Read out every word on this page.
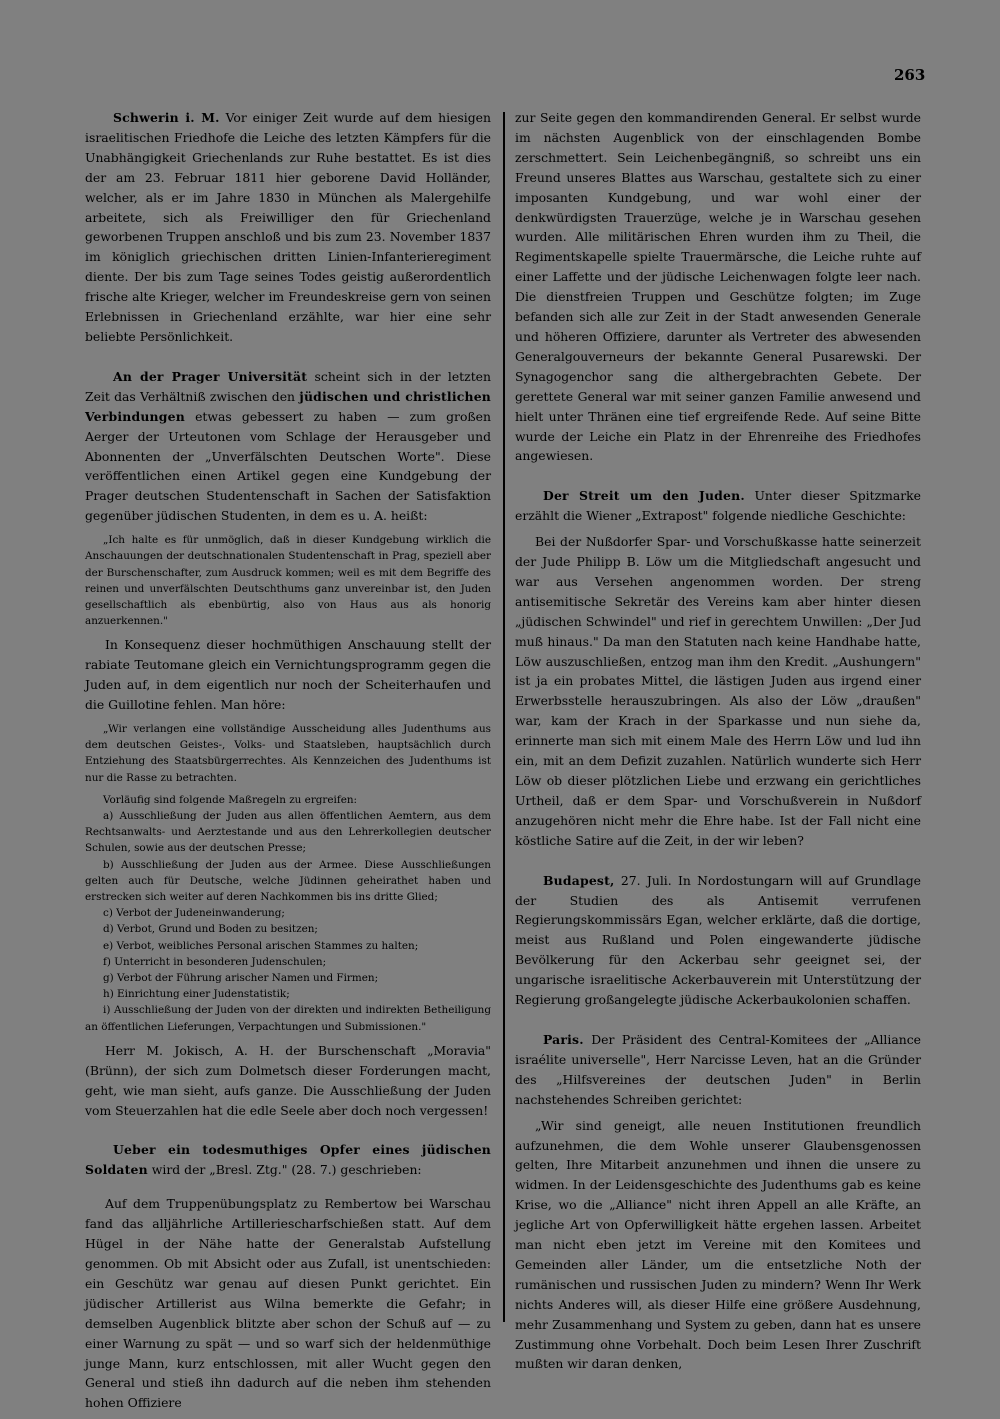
263

Schwerin i. M. Vor einiger Zeit wurde auf dem hiesigen israelitischen Friedhofe die Leiche des letzten Kämpfers für die Unabhängigkeit Griechenlands zur Ruhe bestattet. Es ist dies der am 23. Februar 1811 hier geborene David Holländer, welcher, als er im Jahre 1830 in München als Malergehilfe arbeitete, sich als Freiwilliger den für Griechenland geworbenen Truppen anschloß und bis zum 23. November 1837 im königlich griechischen dritten Linien-Infanterieregiment diente. Der bis zum Tage seines Todes geistig außerordentlich frische alte Krieger, welcher im Freundeskreise gern von seinen Erlebnissen in Griechenland erzählte, war hier eine sehr beliebte Persönlichkeit.

An der Prager Universität scheint sich in der letzten Zeit das Verhältniß zwischen den jüdischen und christlichen Verbindungen etwas gebessert zu haben — zum großen Aerger der Urteutonen vom Schlage der Herausgeber und Abonnenten der „Unverfälschten Deutschen Worte". Diese veröffentlichen einen Artikel gegen eine Kundgebung der Prager deutschen Studentenschaft in Sachen der Satisfaktion gegenüber jüdischen Studenten, in dem es u. A. heißt:

„Ich halte es für unmöglich, daß in dieser Kundgebung wirklich die Anschauungen der deutschnationalen Studentenschaft in Prag, speziell aber der Burschenschafter, zum Ausdruck kommen; weil es mit dem Begriffe des reinen und unverfälschten Deutschthums ganz unvereinbar ist, den Juden gesellschaftlich als ebenbürtig, also von Haus aus als honorig anzuerkennen."

In Konsequenz dieser hochmüthigen Anschauung stellt der rabiate Teutomane gleich ein Vernichtungsprogramm gegen die Juden auf, in dem eigentlich nur noch der Scheiterhaufen und die Guillotine fehlen. Man höre:

„Wir verlangen eine vollständige Ausscheidung alles Judenthums aus dem deutschen Geistes-, Volks- und Staatsleben, hauptsächlich durch Entziehung des Staatsbürgerrechtes. Als Kennzeichen des Judenthums ist nur die Rasse zu betrachten.
Vorläufig sind folgende Maßregeln zu ergreifen:
a) Ausschließung der Juden aus allen öffentlichen Aemtern, aus dem Rechtsanwalts- und Aerztestande und aus den Lehrerkollegien deutscher Schulen, sowie aus der deutschen Presse;
b) Ausschließung der Juden aus der Armee. Diese Ausschließungen gelten auch für Deutsche, welche Jüdinnen geheirathet haben und erstrecken sich weiter auf deren Nachkommen bis ins dritte Glied;
c) Verbot der Judeneinwanderung;
d) Verbot, Grund und Boden zu besitzen;
e) Verbot, weibliches Personal arischen Stammes zu halten;
f) Unterricht in besonderen Judenschulen;
g) Verbot der Führung arischer Namen und Firmen;
h) Einrichtung einer Judenstatistik;
i) Ausschließung der Juden von der direkten und indirekten Betheiligung an öffentlichen Lieferungen, Verpachtungen und Submissionen."

Herr M. Jokisch, A. H. der Burschenschaft „Moravia" (Brünn), der sich zum Dolmetsch dieser Forderungen macht, geht, wie man sieht, aufs ganze. Die Ausschließung der Juden vom Steuerzahlen hat die edle Seele aber doch noch vergessen!

Ueber ein todesmuthiges Opfer eines jüdischen Soldaten wird der „Bresl. Ztg." (28. 7.) geschrieben:

Auf dem Truppenübungsplatz zu Rembertow bei Warschau fand das alljährliche Artilleriescharfschießen statt. Auf dem Hügel in der Nähe hatte der Generalstab Aufstellung genommen. Ob mit Absicht oder aus Zufall, ist unentschieden: ein Geschütz war genau auf diesen Punkt gerichtet. Ein jüdischer Artillerist aus Wilna bemerkte die Gefahr; in demselben Augenblick blitzte aber schon der Schuß auf — zu einer Warnung zu spät — und so warf sich der heldenmüthige junge Mann, kurz entschlossen, mit aller Wucht gegen den General und stieß ihn dadurch auf die neben ihm stehenden hohen Offiziere

zur Seite gegen den kommandirenden General. Er selbst wurde im nächsten Augenblick von der einschlagenden Bombe zerschmettert. Sein Leichenbegängniß, so schreibt uns ein Freund unseres Blattes aus Warschau, gestaltete sich zu einer imposanten Kundgebung, und war wohl einer der denkwürdigsten Trauerzüge, welche je in Warschau gesehen wurden. Alle militärischen Ehren wurden ihm zu Theil, die Regimentskapelle spielte Trauermärsche, die Leiche ruhte auf einer Laffette und der jüdische Leichenwagen folgte leer nach. Die dienstfreien Truppen und Geschütze folgten; im Zuge befanden sich alle zur Zeit in der Stadt anwesenden Generale und höheren Offiziere, darunter als Vertreter des abwesenden Generalgouverneurs der bekannte General Pusarewski. Der Synagogenchor sang die althergebrachten Gebete. Der gerettete General war mit seiner ganzen Familie anwesend und hielt unter Thränen eine tief ergreifende Rede. Auf seine Bitte wurde der Leiche ein Platz in der Ehrenreihe des Friedhofes angewiesen.

Der Streit um den Juden. Unter dieser Spitzmarke erzählt die Wiener „Extrapost" folgende niedliche Geschichte:

Bei der Nußdorfer Spar- und Vorschußkasse hatte seinerzeit der Jude Philipp B. Löw um die Mitgliedschaft angesucht und war aus Versehen angenommen worden. Der streng antisemitische Sekretär des Vereins kam aber hinter diesen „jüdischen Schwindel" und rief in gerechtem Unwillen: „Der Jud muß hinaus." Da man den Statuten nach keine Handhabe hatte, Löw auszuschließen, entzog man ihm den Kredit. „Aushungern" ist ja ein probates Mittel, die lästigen Juden aus irgend einer Erwerbsstelle herauszubringen. Als also der Löw „draußen" war, kam der Krach in der Sparkasse und nun siehe da, erinnerte man sich mit einem Male des Herrn Löw und lud ihn ein, mit an dem Defizit zuzahlen. Natürlich wunderte sich Herr Löw ob dieser plötzlichen Liebe und erzwang ein gerichtliches Urtheil, daß er dem Spar- und Vorschußverein in Nußdorf anzugehören nicht mehr die Ehre habe. Ist der Fall nicht eine köstliche Satire auf die Zeit, in der wir leben?

Budapest, 27. Juli. In Nordostungarn will auf Grundlage der Studien des als Antisemit verrufenen Regierungskommissärs Egan, welcher erklärte, daß die dortige, meist aus Rußland und Polen eingewanderte jüdische Bevölkerung für den Ackerbau sehr geeignet sei, der ungarische israelitische Ackerbauverein mit Unterstützung der Regierung großangelegte jüdische Ackerbaukolonien schaffen.

Paris. Der Präsident des Central-Komitees der „Alliance israélite universelle", Herr Narcisse Leven, hat an die Gründer des „Hilfsvereines der deutschen Juden" in Berlin nachstehendes Schreiben gerichtet:

„Wir sind geneigt, alle neuen Institutionen freundlich aufzunehmen, die dem Wohle unserer Glaubensgenossen gelten, Ihre Mitarbeit anzunehmen und ihnen die unsere zu widmen. In der Leidensgeschichte des Judenthums gab es keine Krise, wo die „Alliance" nicht ihren Appell an alle Kräfte, an jegliche Art von Opferwilligkeit hätte ergehen lassen. Arbeitet man nicht eben jetzt im Vereine mit den Komitees und Gemeinden aller Länder, um die entsetzliche Noth der rumänischen und russischen Juden zu mindern? Wenn Ihr Werk nichts Anderes will, als dieser Hilfe eine größere Ausdehnung, mehr Zusammenhang und System zu geben, dann hat es unsere Zustimmung ohne Vorbehalt. Doch beim Lesen Ihrer Zuschrift mußten wir daran denken,
